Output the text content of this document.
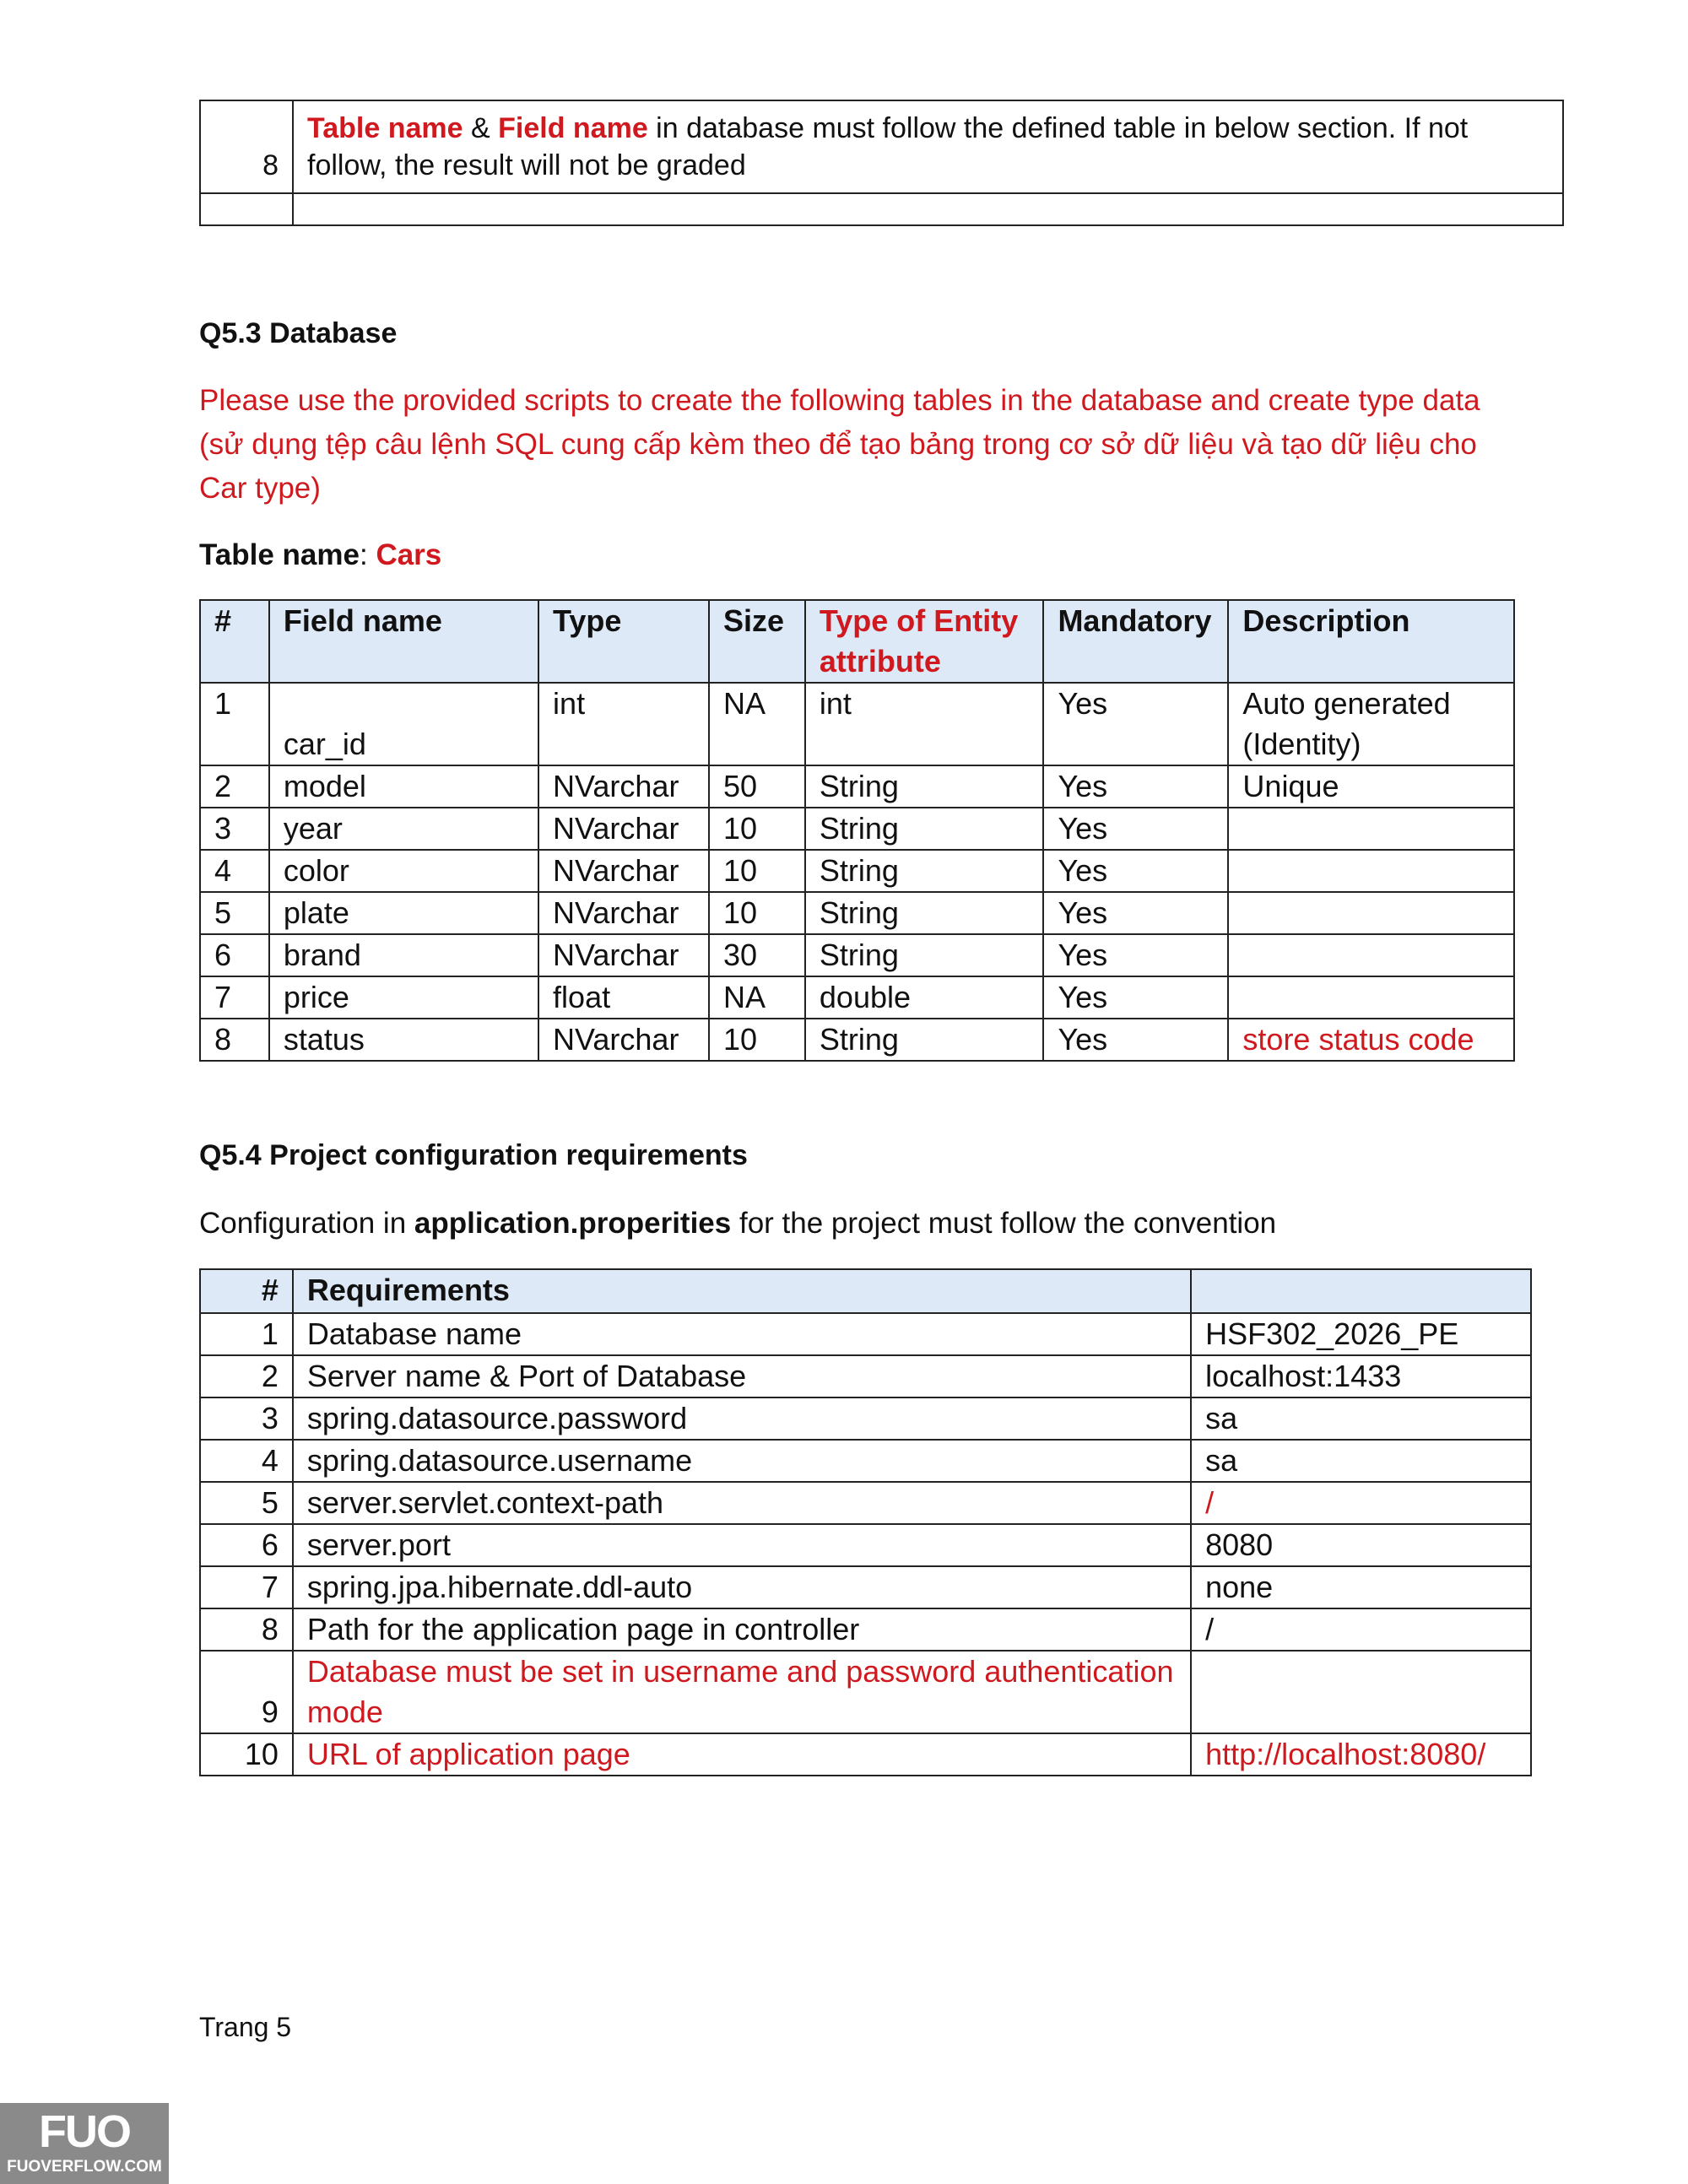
8	Table name & Field name in database must follow the defined table in below section. If not follow, the result will not be graded

Q5.3 Database
Please use the provided scripts to create the following tables in the database and create type data (sử dụng tệp câu lệnh SQL cung cấp kèm theo để tạo bảng trong cơ sở dữ liệu và tạo dữ liệu cho Car type)
Table name: Cars
#	Field name	Type	Size	Type of Entity attribute	Mandatory	Description
1	car_id	int	NA	int	Yes	Auto generated (Identity)
2	model	NVarchar	50	String	Yes	Unique
3	year	NVarchar	10	String	Yes	
4	color	NVarchar	10	String	Yes	
5	plate	NVarchar	10	String	Yes	
6	brand	NVarchar	30	String	Yes	
7	price	float	NA	double	Yes	
8	status	NVarchar	10	String	Yes	store status code
Q5.4 Project configuration requirements
Configuration in application.properities for the project must follow the convention
#	Requirements	
1	Database name	HSF302_2026_PE
2	Server name & Port of Database	localhost:1433
3	spring.datasource.password	sa
4	spring.datasource.username	sa
5	server.servlet.context-path	/
6	server.port	8080
7	spring.jpa.hibernate.ddl-auto	none
8	Path for the application page in controller	/
9	Database must be set in username and password authentication mode	
10	URL of application page	http://localhost:8080/
Trang 5
FUO
FUOVERFLOW.COM
